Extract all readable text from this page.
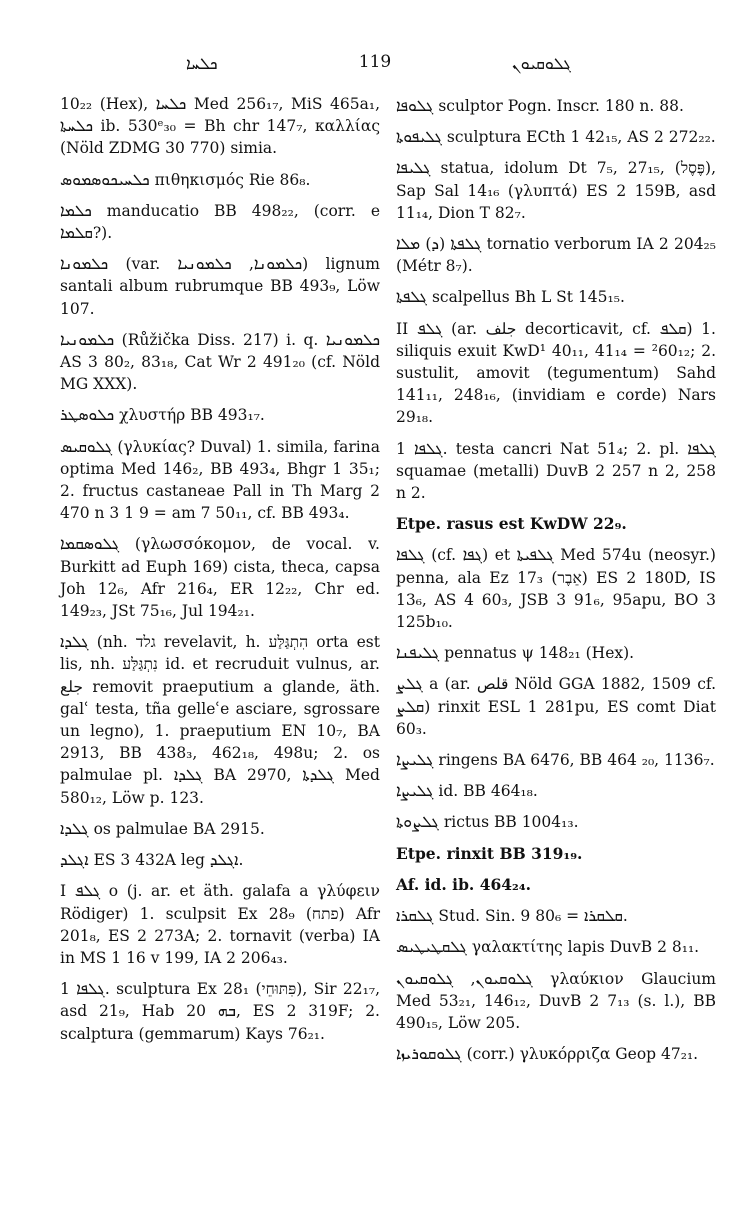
ܟܠܚܐ	119	ܓܠܘܩܝܘܢ

10₂₂ (Hex), ܟܠܚܐ Med 256₁₇, MiS 465a₁, ܟܠܚܬܐ ib. 530ᵉ₃₀ = Bh chr 147₇, καλλίας (Nöld ZDMG 30 770) simia.

ܟܠܚܝܟܘܣܡܘܣ πιθηκισμός Rie 86₈.

ܟܠܡܐ manducatio BB 498₂₂, (corr. e ܩܠܡܐ?).

ܟܠܡܘܢܐ (var. ܟܠܡܘܢܐ, ܟܠܡܘܢܝܐ) lignum santali album rubrumque BB 493₉, Löw 107.

ܟܠܡܘܢܝܐ (Růžička Diss. 217) i. q. ܟܠܡܘܢܝܐ AS 3 80₂, 83₁₈, Cat Wr 2 491₂₀ (cf. Nöld MG XXX).

ܟܠܘܣܛܪ χλυστήρ BB 493₁₇.

ܓܠܘܩܝܣ (γλυκίας? Duval) 1. simila, farina optima Med 146₂, BB 493₄, Bhgr 1 35₁; 2. fructus castaneae Pall in Th Marg 2 470 n 3 1 9 = am 7 50₁₁, cf. BB 493₄.

ܓܠܘܣܩܡܐ (γλωσσόκομον, de vocal. v. Burkitt ad Euph 169) cista, theca, capsa Joh 12₆, Afr 216₄, ER 12₂₂, Chr ed. 149₂₃, JSt 75₁₆, Jul 194₂₁.

ܓܠܕܐ (nh. גלד revelavit, h. הִתְגַּלַּע orta est lis, nh. נִתְגַּלַּע id. et recruduit vulnus, ar. جلع removit praeputium a glande, äth. galʿ testa, tña gelleʿe asciare, sgrossare un legno), 1. praeputium EN 10₇, BA 2913, BB 438₃, 462₁₈, 498u; 2. os palmulae pl. ܓܠܕܐ BA 2970, ܓܠܕܬܐ Med 580₁₂, Löw p. 123.

ܓܠܕܐ os palmulae BA 2915.

ܐܓܠܕ ES 3 432A leg ܐܓܠܕ.

I ܓܠܦ o (j. ar. et äth. galafa a γλύφειν Rödiger) 1. sculpsit Ex 28₉ (פתח) Afr 201₈, ES 2 273A; 2. tornavit (verba) IA in MS 1 16 v 199, IA 2 206₄₃.

ܓܠܦܐ 1. sculptura Ex 28₁ (פִּתּוּחֵי), Sir 22₁₇, asd 21₉, Hab ܒܗ 20, ES 2 319F; 2. scalptura (gemmarum) Kays 76₂₁.

ܓܠܘܦܐ sculptor Pogn. Inscr. 180 n. 88.

ܓܠܝܦܘܬܐ sculptura ECth 1 42₁₅, AS 2 272₂₂.

ܓܠܝܦܐ statua, idolum Dt 7₅, 27₁₅, (פֶּסֶל), Sap Sal 14₁₆ (γλυπτά) ES 2 159B, asd 11₁₄, Dion T 82₇.

ܓܠܦܬܐ (ܕ) ܡܠܐ tornatio verborum IA 2 204₂₅ (Métr 8₇).

ܓܠܦܬܐ scalpellus Bh L St 145₁₅.

II ܓܠܦ (ar. جلف decorticavit, cf. ܩܠܦ) 1. siliquis exuit KwD¹ 40₁₁, 41₁₄ = ²60₁₂; 2. sustulit, amovit (tegumentum) Sahd 141₁₁, 248₁₆, (invidiam e corde) Nars 29₁₈.

ܓܠܦܐ 1. testa cancri Nat 51₄; 2. pl. ܓܠܦܐ squamae (metalli) DuvB 2 257 n 2, 258 n 2.

Etpe. rasus est KwDW 22₉.

ܓܠܦܐ (cf. ܓܦܐ) et ܓܠܦܝܬܐ Med 574u (neosyr.) penna, ala Ez 17₃ (אֵבֶר) ES 2 180D, IS 13₆, AS 4 60₃, JSB 3 91₆, 95apu, BO 3 125b₁₀.

ܓܠܝܦܢܐ pennatus ψ 148₂₁ (Hex).

ܓܠܨ a (ar. قلص Nöld GGA 1882, 1509 cf. ܩܠܨ) rinxit ESL 1 281pu, ES comt Diat 60₃.

ܓܠܝܨܐ ringens BA 6476, BB 464 ₂₀, 1136₇.

ܓܠܝܨܐ id. BB 464₁₈.

ܓܠܨܘܬܐ rictus BB 1004₁₃.

Etpe. rinxit BB 319₁₉.

Af. id. ib. 464₂₄.

ܓܠܩܪܐ Stud. Sin. 9 80₆ = ܩܠܩܪܐ.

ܓܠܩܛܝܛܝܣ γαλακτίτης lapis DuvB 2 8₁₁.

ܓܠܘܩܝܘܢ, ܓܠܘܩܝܘܢ γλαύκιον Glaucium Med 53₂₁, 146₁₂, DuvB 2 7₁₃ (s. l.), BB 490₁₅, Löw 205.

ܓܠܘܩܘܪܝܙܐ (corr.) γλυκόρριζα Geop 47₂₁.
